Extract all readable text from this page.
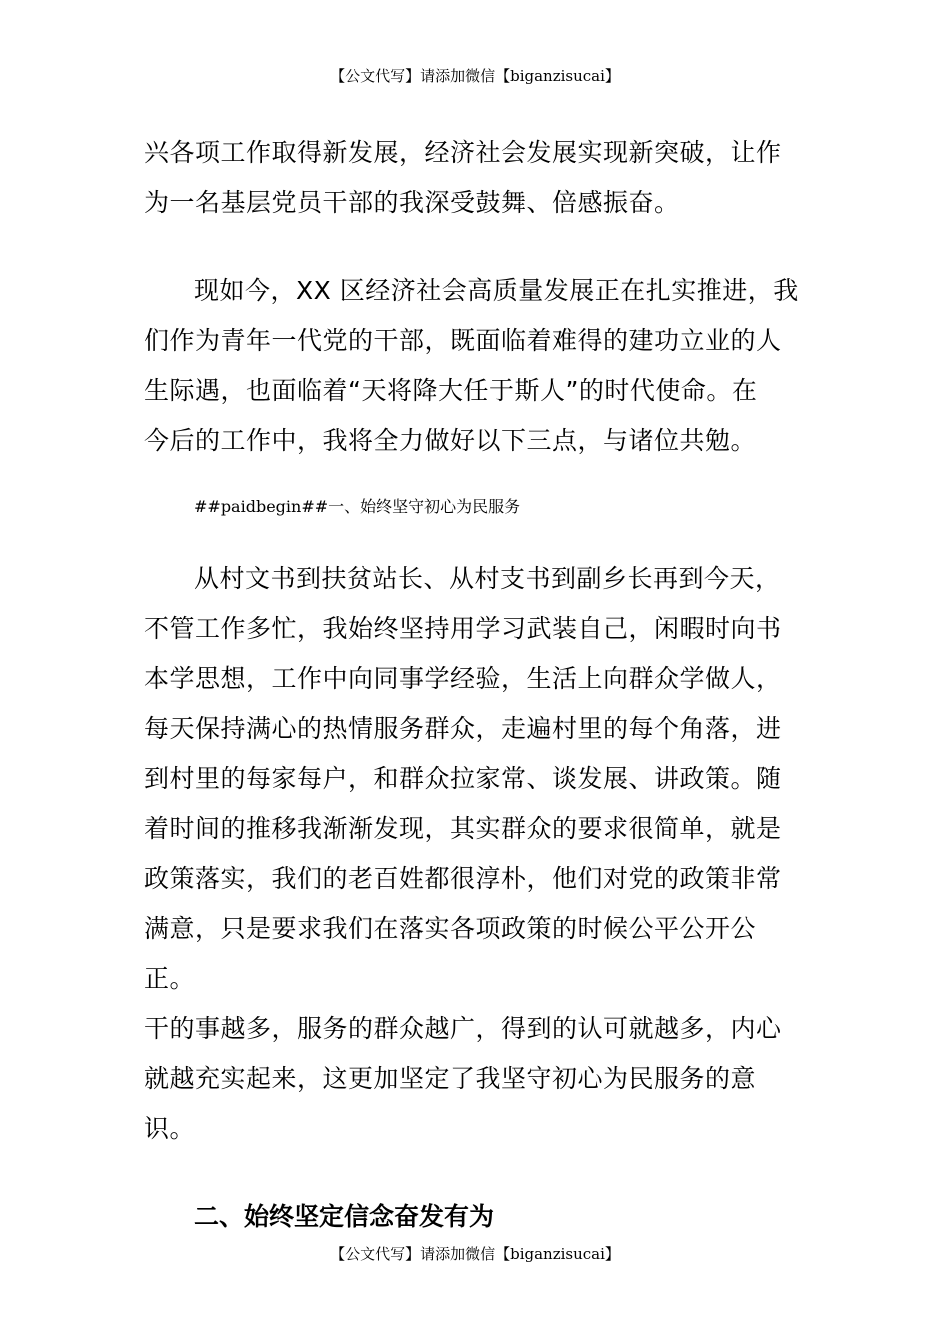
【公文代写】请添加微信【biganzisucai】

兴各项工作取得新发展，经济社会发展实现新突破，让作

为一名基层党员干部的我深受鼓舞、倍感振奋。

现如今，XX 区经济社会高质量发展正在扎实推进，我

们作为青年一代党的干部，既面临着难得的建功立业的人

生际遇，也面临着“天将降大任于斯人”的时代使命。在

今后的工作中，我将全力做好以下三点，与诸位共勉。

##paidbegin##一、始终坚守初心为民服务

从村文书到扶贫站长、从村支书到副乡长再到今天，

不管工作多忙，我始终坚持用学习武装自己，闲暇时向书

本学思想，工作中向同事学经验，生活上向群众学做人，

每天保持满心的热情服务群众，走遍村里的每个角落，进

到村里的每家每户，和群众拉家常、谈发展、讲政策。随

着时间的推移我渐渐发现，其实群众的要求很简单，就是

政策落实，我们的老百姓都很淳朴，他们对党的政策非常

满意，只是要求我们在落实各项政策的时候公平公开公正。

干的事越多，服务的群众越广，得到的认可就越多，内心

就越充实起来，这更加坚定了我坚守初心为民服务的意识。

二、始终坚定信念奋发有为

【公文代写】请添加微信【biganzisucai】
